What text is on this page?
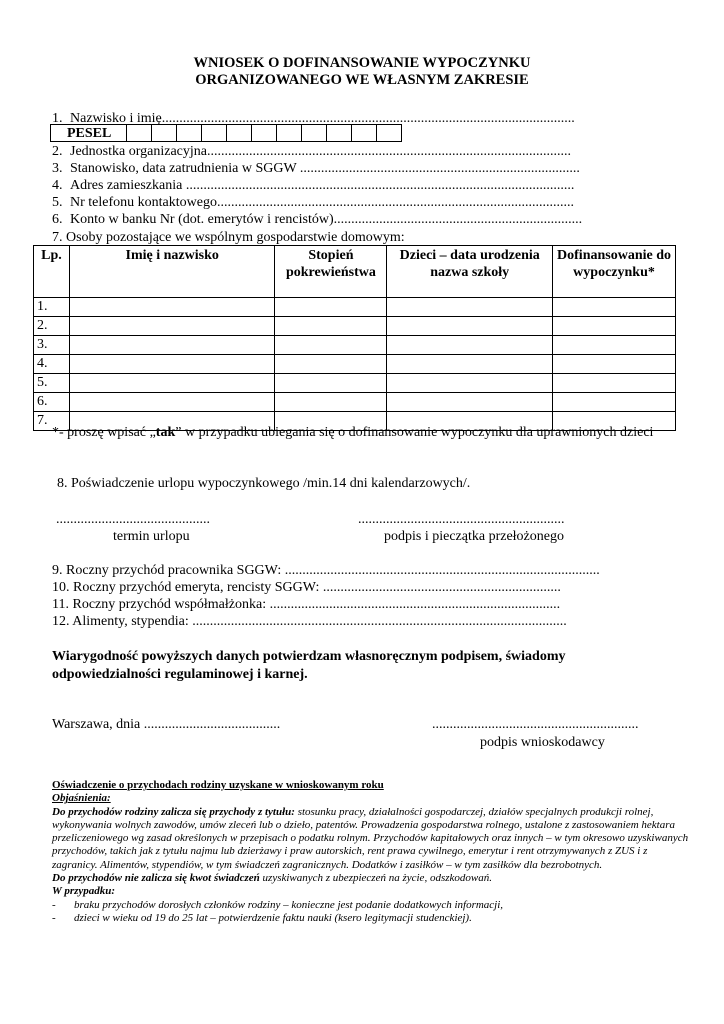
WNIOSEK O DOFINANSOWANIE WYPOCZYNKU
ORGANIZOWANEGO WE WŁASNYM ZAKRESIE
1. Nazwisko i imię......................................................................................................................
PESEL											
2. Jednostka organizacyjna........................................................................................................
3. Stanowisko, data zatrudnienia w SGGW ................................................................................
4. Adres zamieszkania ...............................................................................................................
5. Nr telefonu kontaktowego......................................................................................................
6. Konto w banku Nr (dot. emerytów i rencistów).......................................................................
7. Osoby pozostające we wspólnym gospodarstwie domowym:
Lp.	Imię i nazwisko	Stopień pokrewieństwa	Dzieci – data urodzenia nazwa szkoły	Dofinansowanie do wypoczynku*
1.				
2.				
3.				
4.				
5.				
6.				
7.				
*- proszę wpisać „tak” w przypadku ubiegania się o dofinansowanie wypoczynku dla uprawnionych dzieci
8. Poświadczenie urlopu wypoczynkowego /min.14 dni kalendarzowych/.
............................................	...........................................................
termin urlopu	podpis i pieczątka przełożonego
9. Roczny przychód pracownika SGGW: ..........................................................................................
10. Roczny przychód emeryta, rencisty SGGW: ....................................................................
11. Roczny przychód współmałżonka: ...................................................................................
12. Alimenty, stypendia: ...........................................................................................................
Wiarygodność powyższych danych potwierdzam własnoręcznym podpisem, świadomy odpowiedzialności regulaminowej i karnej.
Warszawa, dnia .......................................	...........................................................
podpis wnioskodawcy
Oświadczenie o przychodach rodziny uzyskane w wnioskowanym roku
Objaśnienia:
Do przychodów rodziny zalicza się przychody z tytułu: stosunku pracy, działalności gospodarczej, działów specjalnych produkcji rolnej, wykonywania wolnych zawodów, umów zleceń lub o dzieło, patentów. Prowadzenia gospodarstwa rolnego, ustalone z zastosowaniem hektara przeliczeniowego wg zasad określonych w przepisach o podatku rolnym. Przychodów kapitałowych oraz innych – w tym okresowo uzyskiwanych przychodów, takich jak z tytułu najmu lub dzierżawy i praw autorskich, rent prawa cywilnego, emerytur i rent otrzymywanych z ZUS i z zagranicy. Alimentów, stypendiów, w tym świadczeń zagranicznych. Dodatków i zasiłków – w tym zasiłków dla bezrobotnych.
Do przychodów nie zalicza się kwot świadczeń uzyskiwanych z ubezpieczeń na życie, odszkodowań.
W przypadku:
-	braku przychodów dorosłych członków rodziny – konieczne jest podanie dodatkowych informacji,
-	dzieci w wieku od 19 do 25 lat – potwierdzenie faktu nauki (ksero legitymacji studenckiej).
